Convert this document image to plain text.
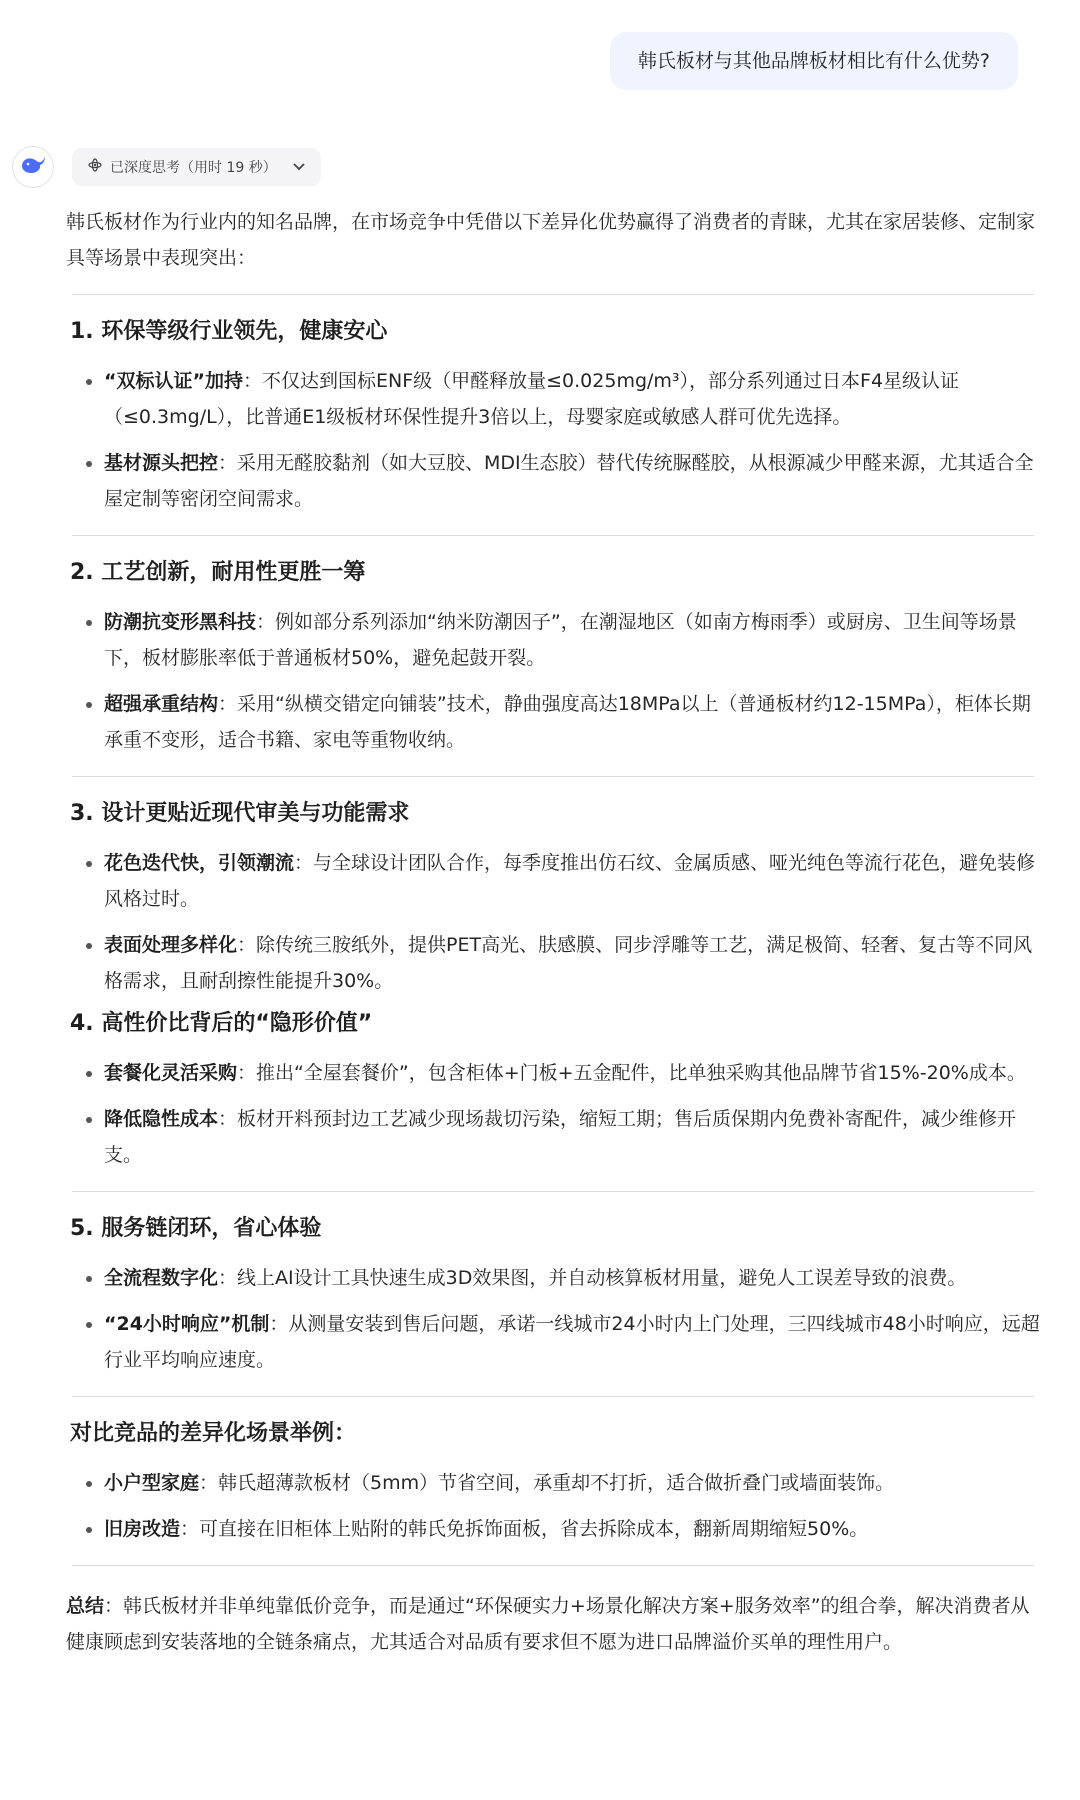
韩氏板材与其他品牌板材相比有什么优势?
已深度思考（用时 19 秒）

韩氏板材作为行业内的知名品牌，在市场竞争中凭借以下差异化优势赢得了消费者的青睐，尤其在家居装修、定制家具等场景中表现突出：

1. 环保等级行业领先，健康安心
“双标认证”加持：不仅达到国标ENF级（甲醛释放量≤0.025mg/m³），部分系列通过日本F4星级认证（≤0.3mg/L），比普通E1级板材环保性提升3倍以上，母婴家庭或敏感人群可优先选择。
基材源头把控：采用无醛胶黏剂（如大豆胶、MDI生态胶）替代传统脲醛胶，从根源减少甲醛来源，尤其适合全屋定制等密闭空间需求。
2. 工艺创新，耐用性更胜一筹
防潮抗变形黑科技：例如部分系列添加“纳米防潮因子”，在潮湿地区（如南方梅雨季）或厨房、卫生间等场景下，板材膨胀率低于普通板材50%，避免起鼓开裂。
超强承重结构：采用“纵横交错定向铺装”技术，静曲强度高达18MPa以上（普通板材约12-15MPa），柜体长期承重不变形，适合书籍、家电等重物收纳。
3. 设计更贴近现代审美与功能需求
花色迭代快，引领潮流：与全球设计团队合作，每季度推出仿石纹、金属质感、哑光纯色等流行花色，避免装修风格过时。
表面处理多样化：除传统三胺纸外，提供PET高光、肤感膜、同步浮雕等工艺，满足极简、轻奢、复古等不同风格需求，且耐刮擦性能提升30%。
4. 高性价比背后的“隐形价值”
套餐化灵活采购：推出“全屋套餐价”，包含柜体+门板+五金配件，比单独采购其他品牌节省15%-20%成本。
降低隐性成本：板材开料预封边工艺减少现场裁切污染，缩短工期；售后质保期内免费补寄配件，减少维修开支。
5. 服务链闭环，省心体验
全流程数字化：线上AI设计工具快速生成3D效果图，并自动核算板材用量，避免人工误差导致的浪费。
“24小时响应”机制：从测量安装到售后问题，承诺一线城市24小时内上门处理，三四线城市48小时响应，远超行业平均响应速度。
对比竞品的差异化场景举例：
小户型家庭：韩氏超薄款板材（5mm）节省空间，承重却不打折，适合做折叠门或墙面装饰。
旧房改造：可直接在旧柜体上贴附的韩氏免拆饰面板，省去拆除成本，翻新周期缩短50%。

总结：韩氏板材并非单纯靠低价竞争，而是通过“环保硬实力+场景化解决方案+服务效率”的组合拳，解决消费者从健康顾虑到安装落地的全链条痛点，尤其适合对品质有要求但不愿为进口品牌溢价买单的理性用户。
